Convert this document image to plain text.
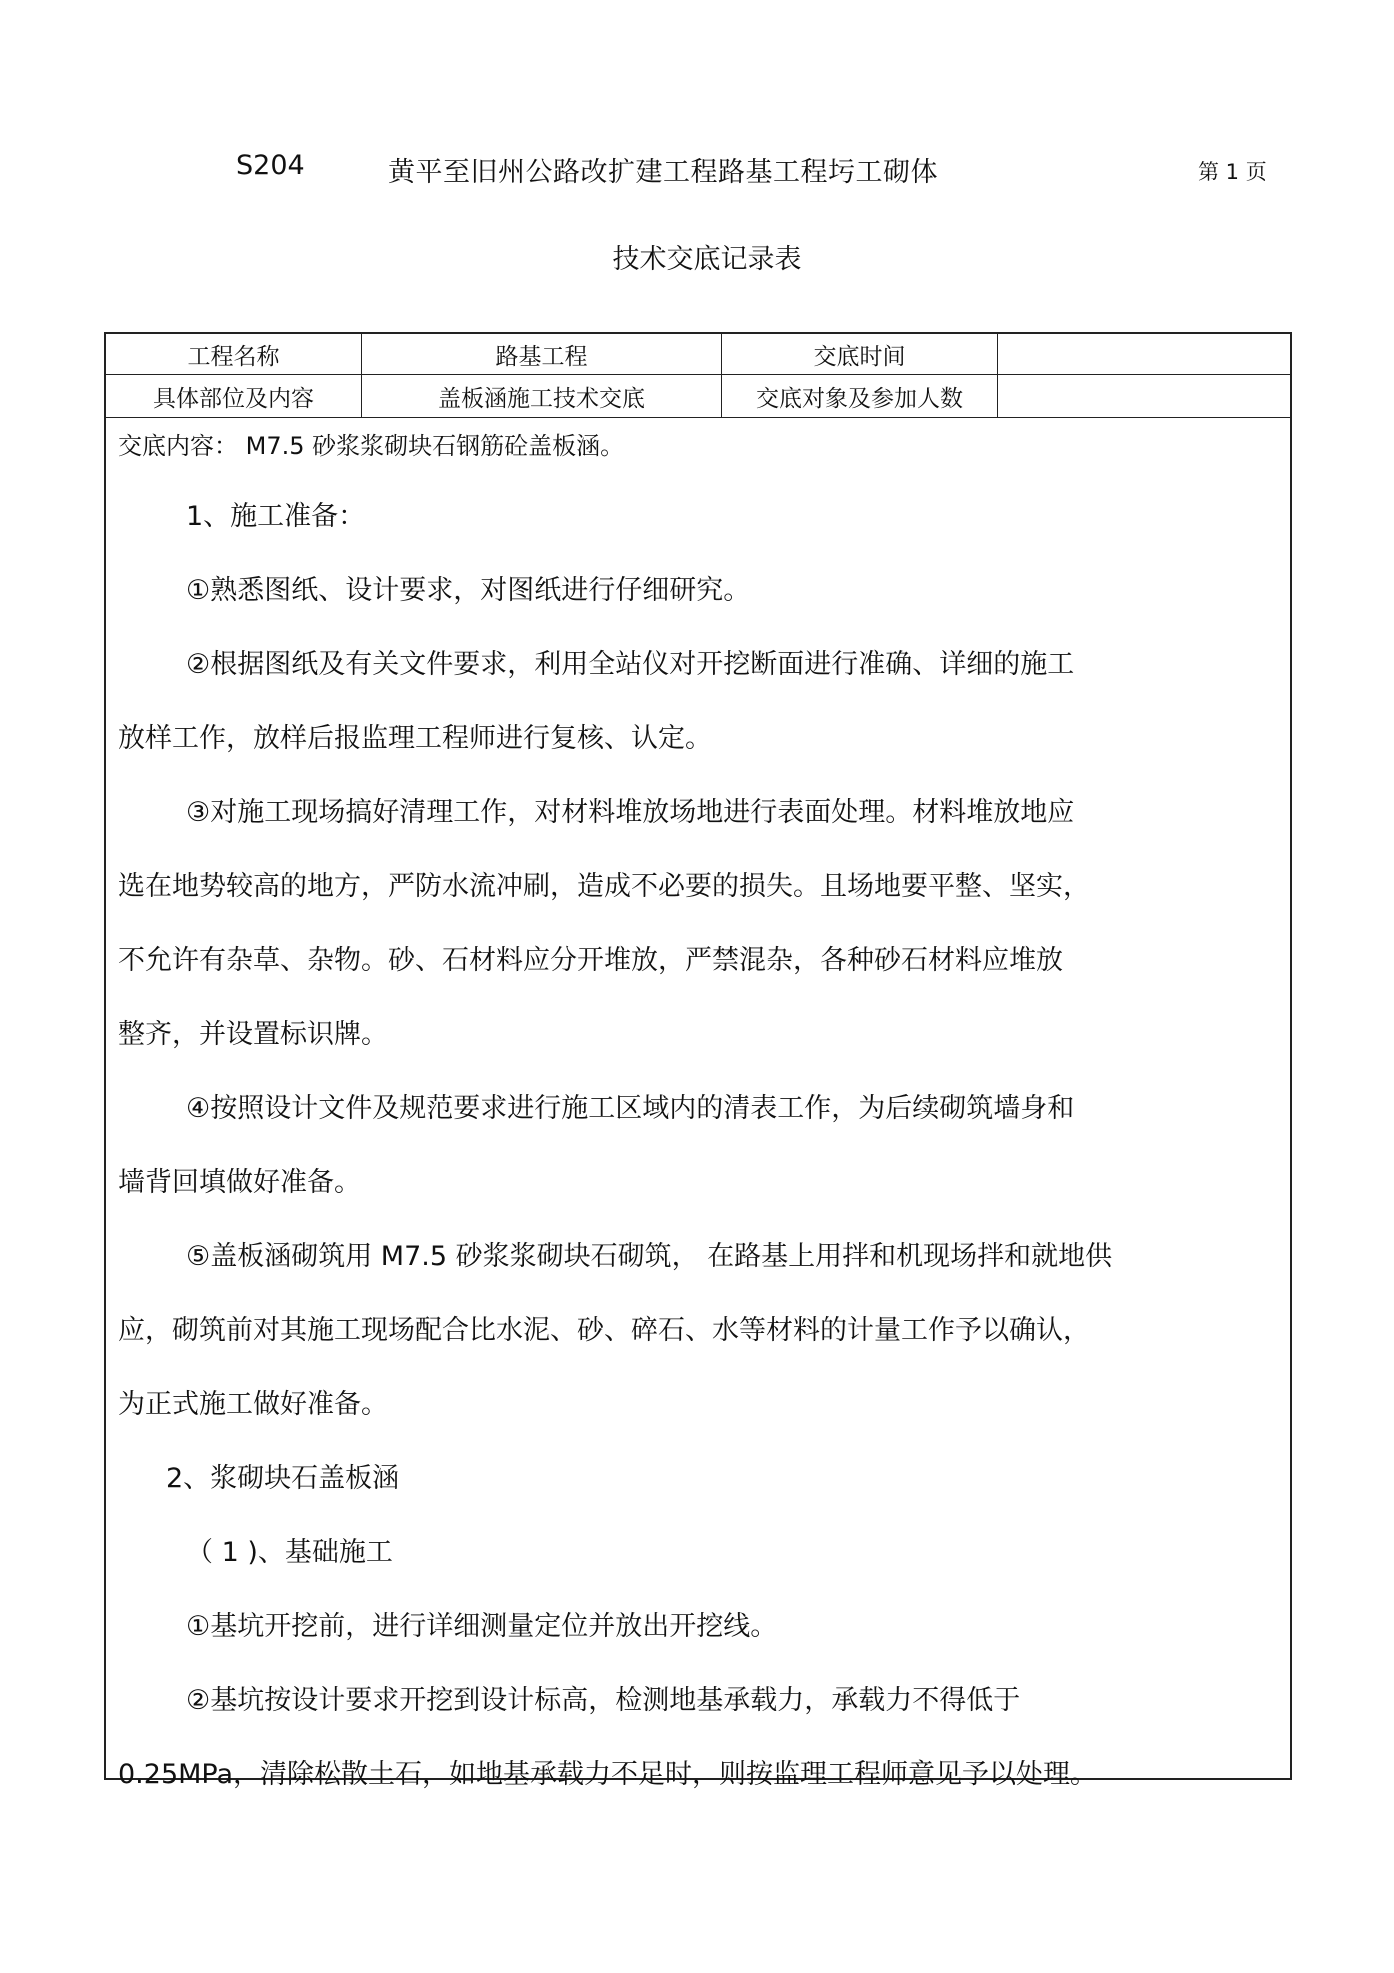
S204	黄平至旧州公路改扩建工程路基工程圬工砌体	第 1 页
技术交底记录表
工程名称	路基工程	交底时间
具体部位及内容	盖板涵施工技术交底	交底对象及参加人数
交底内容： M7.5 砂浆浆砌块石钢筋砼盖板涵。
1、施工准备：
①熟悉图纸、设计要求，对图纸进行仔细研究。
②根据图纸及有关文件要求，利用全站仪对开挖断面进行准确、详细的施工
放样工作，放样后报监理工程师进行复核、认定。
③对施工现场搞好清理工作，对材料堆放场地进行表面处理。材料堆放地应
选在地势较高的地方，严防水流冲刷，造成不必要的损失。且场地要平整、坚实，
不允许有杂草、杂物。砂、石材料应分开堆放，严禁混杂，各种砂石材料应堆放
整齐，并设置标识牌。
④按照设计文件及规范要求进行施工区域内的清表工作，为后续砌筑墙身和
墙背回填做好准备。
⑤盖板涵砌筑用 M7.5 砂浆浆砌块石砌筑， 在路基上用拌和机现场拌和就地供
应，砌筑前对其施工现场配合比水泥、砂、碎石、水等材料的计量工作予以确认，
为正式施工做好准备。
2、浆砌块石盖板涵
（ 1 )、基础施工
①基坑开挖前，进行详细测量定位并放出开挖线。
②基坑按设计要求开挖到设计标高，检测地基承载力，承载力不得低于
0.25MPa，清除松散土石，如地基承载力不足时，则按监理工程师意见予以处理。
